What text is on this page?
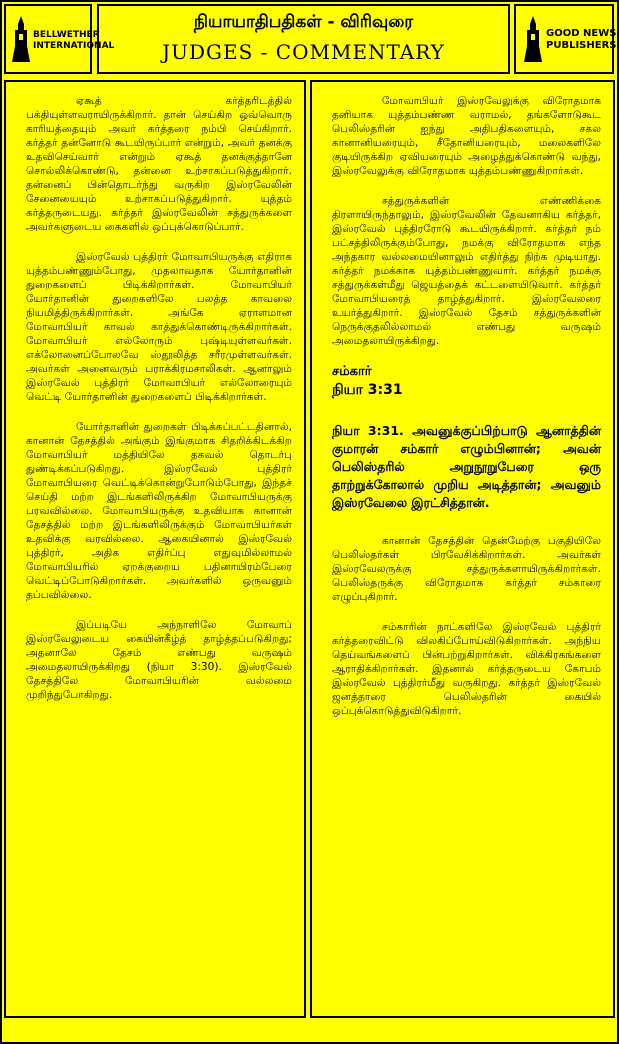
BELLWETHER
INTERNATIONAL
நியாயாதிபதிகள் - விரிவுரை
JUDGES - COMMENTARY
GOOD NEWS
PUBLISHERS

ஏகூத் கர்த்தரிடத்தில் பக்தியுள்ளவராயிருக்கிறார். தான் செய்கிற ஒவ்வொரு காரியத்தையும் அவர் கர்த்தரை நம்பி செய்கிறார். கர்த்தர் தன்னோடு கூடயிருப்பார் என்றும், அவர் தனக்கு உதவிசெய்வார் என்றும் ஏகூத் தனக்குத்தானே சொல்லிக்கொண்டு, தன்னை உற்சாகப்படுத்துகிறார். தன்னைப் பின்தொடர்ந்து வருகிற இஸ்ரவேலின் சேனையையும் உற்சாகப்படுத்துகிறார். யுத்தம் கர்த்தருடையது. கர்த்தர் இஸ்ரவேலின் சத்துருக்களை அவர்களுடைய கைகளில் ஒப்புக்கொடுப்பார்.

இஸ்ரவேல் புத்திரர் மோவாபியருக்கு எதிராக யுத்தம்பண்ணும்போது, முதலாவதாக யோர்தானின் துறைகளைப் பிடிக்கிறார்கள். மோவாபியர் யோர்தானின் துறைகளிலே பலத்த காவலை நியமித்திருக்கிறார்கள். அங்கே ஏராளமான மோவாபியர் காவல் காத்துக்கொண்டிருக்கிறார்கள். மோவாபியர் எல்லோரும் புஷ்டியுள்ளவர்கள். எக்லோனைப்போலவே ஸ்தூலித்த சரீரமுள்ளவர்கள். அவர்கள் அனைவரும் பராக்கிரமசாலிகள். ஆனாலும் இஸ்ரவேல் புத்திரர் மோவாபியர் எல்லோரையும் வெட்டி யோர்தானின் துறைகளைப் பிடிக்கிறார்கள்.

யோர்தானின் துறைகள் பிடிக்கப்பட்டதினால், கானான் தேசத்தில் அங்கும் இங்குமாக சிதறிக்கிடக்கிற மோவாபியர் மத்தியிலே தகவல் தொடர்பு துண்டிக்கப்படுகிறது. இஸ்ரவேல் புத்திரர் மோவாபியரை வெட்டிக்கொன்றுபோடும்போது, இந்தச் செய்தி மற்ற இடங்களிலிருக்கிற மோவாபியருக்கு பரவவில்லை. மோவாபியருக்கு உதவியாக கானான் தேசத்தில் மற்ற இடங்களிலிருக்கும் மோவாபியர்கள் உதவிக்கு வரவில்லை. ஆகையினால் இஸ்ரவேல் புத்திரர், அதிக எதிர்ப்பு எதுவுமில்லாமல் மோவாபியரில் ஏறக்குறைய பதினாயிரம்பேரை வெட்டிப்போடுகிறார்கள். அவர்களில் ஒருவனும் தப்பவில்லை.

இப்படியே அந்நாளிலே மோவாப் இஸ்ரவேலுடைய கையின்கீழ்த் தாழ்த்தப்படுகிறது; அதனாலே தேசம் எண்பது வருஷம் அமைதலாயிருக்கிறது (நியா 3:30). இஸ்ரவேல் தேசத்திலே மோவாபியரின் வல்லமை முறிந்துபோகிறது.

மோவாபியர் இஸ்ரவேலுக்கு விரோதமாக தனியாக யுத்தம்பண்ண வராமல், தங்களோடுகூட பெலிஸ்தரின் ஐந்து அதிபதிகளையும், சகல கானானியரையும், சீதோனியரையும், மலைகளிலே குடியிருக்கிற ஏவியரையும் அழைத்துக்கொண்டு வந்து, இஸ்ரவேலுக்கு விரோதமாக யுத்தம்பண்ணுகிறார்கள்.

சத்துருக்களின் எண்ணிக்கை திரளாயிருந்தாலும், இஸ்ரவேலின் தேவனாகிய கர்த்தர், இஸ்ரவேல் புத்திரரோடு கூடயிருக்கிறார். கர்த்தர் நம் பட்சத்திலிருக்கும்போது, நமக்கு விரோதமாக எந்த அந்தகார வல்லமையினாலும் எதிர்த்து நிற்க முடியாது. கர்த்தர் நமக்காக யுத்தம்பண்ணுவார். கர்த்தர் நமக்கு சத்துருக்கள்மீது ஜெயத்தைக் கட்டளையிடுவார். கர்த்தர் மோவாபியரைத் தாழ்த்துகிறார். இஸ்ரவேலரை உயர்த்துகிறார். இஸ்ரவேல் தேசம் சத்துருக்களின் நெருக்குதலில்லாமல் எண்பது வருஷம் அமைதலாயிருக்கிறது.

சம்கார்
நியா 3:31

நியா 3:31. அவனுக்குப்பிற்பாடு ஆனாத்தின் குமாரன் சம்கார் எழும்பினான்; அவன் பெலிஸ்தரில் அறுநூறுபேரை ஒரு தாற்றுக்கோலால் முறிய அடித்தான்; அவனும் இஸ்ரவேலை இரட்சித்தான்.

கானான் தேசத்தின் தென்மேற்கு பகுதியிலே பெலிஸ்தர்கள் பிரவேசிக்கிறார்கள். அவர்கள் இஸ்ரவேலருக்கு சத்துருக்களாயிருக்கிறார்கள். பெலிஸ்தருக்கு விரோதமாக கர்த்தர் சம்காரை எழுப்புகிறார்.

சம்காரின் நாட்களிலே இஸ்ரவேல் புத்திரர் கர்த்தரைவிட்டு விலகிப்போய்விடுகிறார்கள். அந்நிய தெய்வங்களைப் பின்பற்றுகிறார்கள். விக்கிரகங்களை ஆராதிக்கிறார்கள். இதனால் கர்த்தருடைய கோபம் இஸ்ரவேல் புத்திரர்மீது வருகிறது. கர்த்தர் இஸ்ரவேல் ஜனத்தாரை பெலிஸ்தரின் கையில் ஒப்புக்கொடுத்துவிடுகிறார்.
